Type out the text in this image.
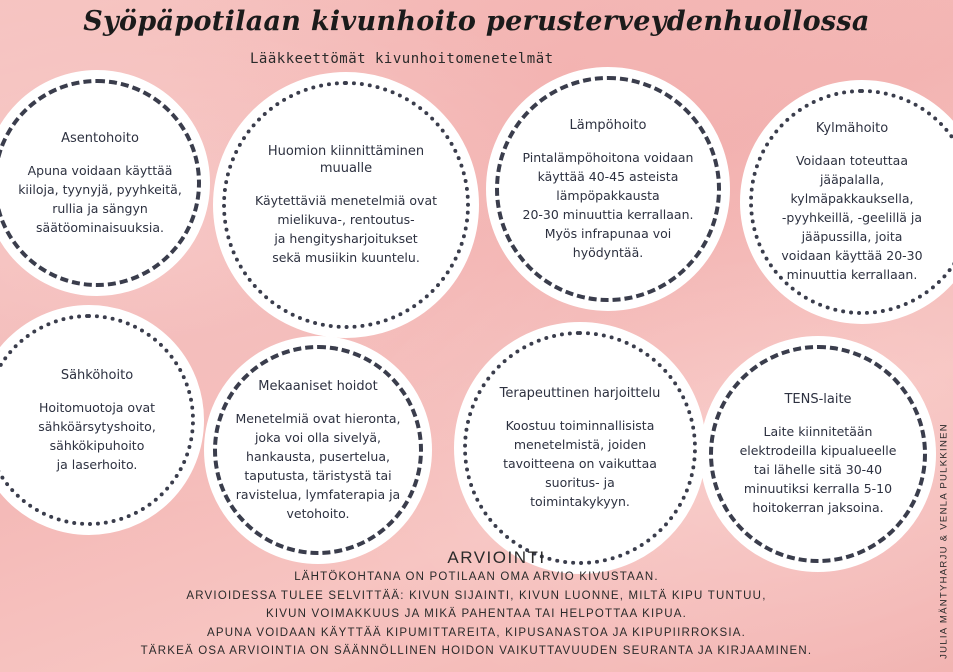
Syöpäpotilaan kivunhoito perusterveydenhuollossa
Lääkkeettömät kivunhoitomenetelmät
Asentohoito
Apuna voidaan käyttää
kiiloja, tyynyjä, pyyhkeitä,
rullia ja sängyn
säätöominaisuuksia.
Huomion kiinnittäminen
muualle
Käytettäviä menetelmiä ovat
mielikuva-, rentoutus-
ja hengitysharjoitukset
sekä musiikin kuuntelu.
Lämpöhoito
Pintalämpöhoitona voidaan
käyttää 40-45 asteista
lämpöpakkausta
20-30 minuuttia kerrallaan.
Myös infrapunaa voi
hyödyntää.
Kylmähoito
Voidaan toteuttaa
jääpalalla,
kylmäpakkauksella,
-pyyhkeillä, -geelillä ja
jääpussilla, joita
voidaan käyttää 20-30
minuuttia kerrallaan.
Sähköhoito
Hoitomuotoja ovat
sähköärsytyshoito,
sähkökipuhoito
ja laserhoito.
Mekaaniset hoidot
Menetelmiä ovat hieronta,
joka voi olla sivelyä,
hankausta, pusertelua,
taputusta, täristystä tai
ravistelua, lymfaterapia ja
vetohoito.
Terapeuttinen harjoittelu
Koostuu toiminnallisista
menetelmistä, joiden
tavoitteena on vaikuttaa
suoritus- ja
toimintakykyyn.
TENS-laite
Laite kiinnitetään
elektrodeilla kipualueelle
tai lähelle sitä 30-40
minuutiksi kerralla 5-10
hoitokerran jaksoina.
ARVIOINTI
LÄHTÖKOHTANA ON POTILAAN OMA ARVIO KIVUSTAAN.
ARVIOIDESSA TULEE SELVITTÄÄ: KIVUN SIJAINTI, KIVUN LUONNE, MILTÄ KIPU TUNTUU,
KIVUN VOIMAKKUUS JA MIKÄ PAHENTAA TAI HELPOTTAA KIPUA.
APUNA VOIDAAN KÄYTTÄÄ KIPUMITTAREITA, KIPUSANASTOA JA KIPUPIIRROKSIA.
TÄRKEÄ OSA ARVIOINTIA ON SÄÄNNÖLLINEN HOIDON VAIKUTTAVUUDEN SEURANTA JA KIRJAAMINEN.	JULIA MÄNTYHARJU & VENLA PULKKINEN
